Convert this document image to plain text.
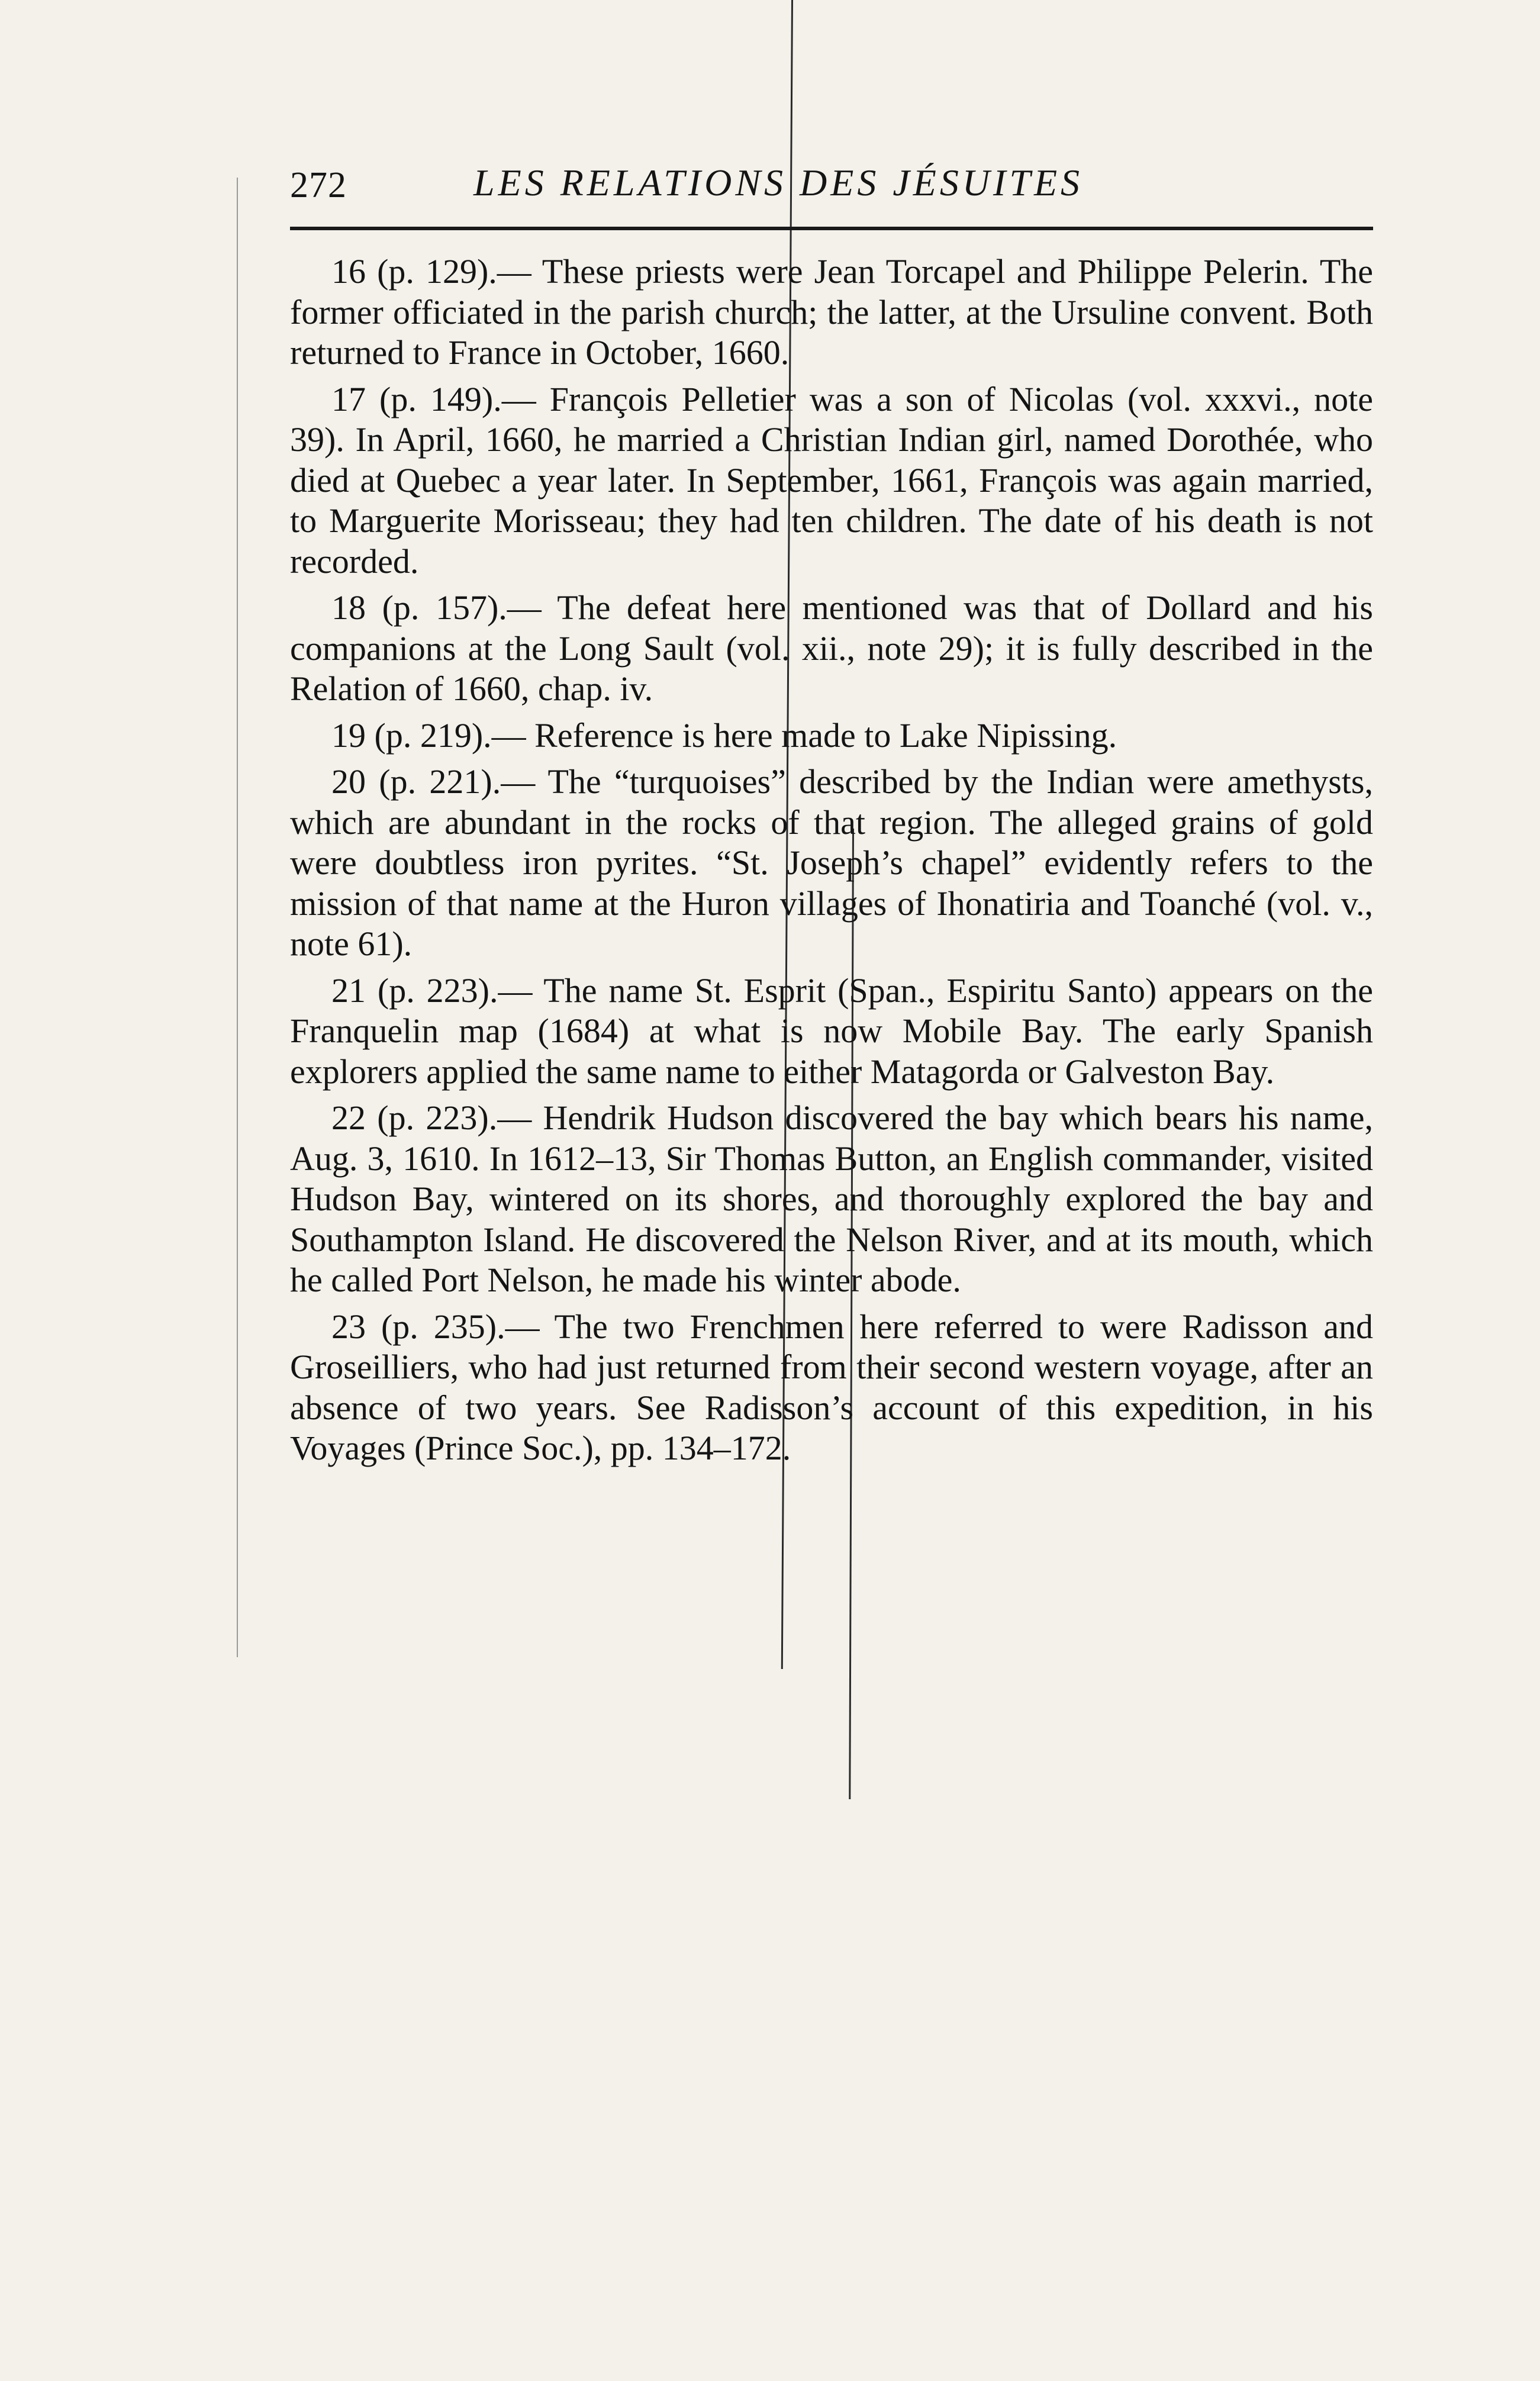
272	LES RELATIONS DES JÉSUITES

16 (p. 129).— These priests were Jean Torcapel and Philippe Pelerin. The former officiated in the parish church; the latter, at the Ursuline convent. Both returned to France in October, 1660.

17 (p. 149).— François Pelletier was a son of Nicolas (vol. xxxvi., note 39). In April, 1660, he married a Christian Indian girl, named Dorothée, who died at Quebec a year later. In September, 1661, François was again married, to Marguerite Morisseau; they had ten children. The date of his death is not recorded.

18 (p. 157).— The defeat here mentioned was that of Dollard and his companions at the Long Sault (vol. xii., note 29); it is fully described in the Relation of 1660, chap. iv.

19 (p. 219).— Reference is here made to Lake Nipissing.

20 (p. 221).— The “turquoises” described by the Indian were amethysts, which are abundant in the rocks of that region. The alleged grains of gold were doubtless iron pyrites. “St. Joseph’s chapel” evidently refers to the mission of that name at the Huron villages of Ihonatiria and Toanché (vol. v., note 61).

21 (p. 223).— The name St. Esprit (Span., Espiritu Santo) appears on the Franquelin map (1684) at what is now Mobile Bay. The early Spanish explorers applied the same name to either Matagorda or Galveston Bay.

22 (p. 223).— Hendrik Hudson discovered the bay which bears his name, Aug. 3, 1610. In 1612–13, Sir Thomas Button, an English commander, visited Hudson Bay, wintered on its shores, and thoroughly explored the bay and Southampton Island. He discovered the Nelson River, and at its mouth, which he called Port Nelson, he made his winter abode.

23 (p. 235).— The two Frenchmen here referred to were Radisson and Groseilliers, who had just returned from their second western voyage, after an absence of two years. See Radisson’s account of this expedition, in his Voyages (Prince Soc.), pp. 134–172.
